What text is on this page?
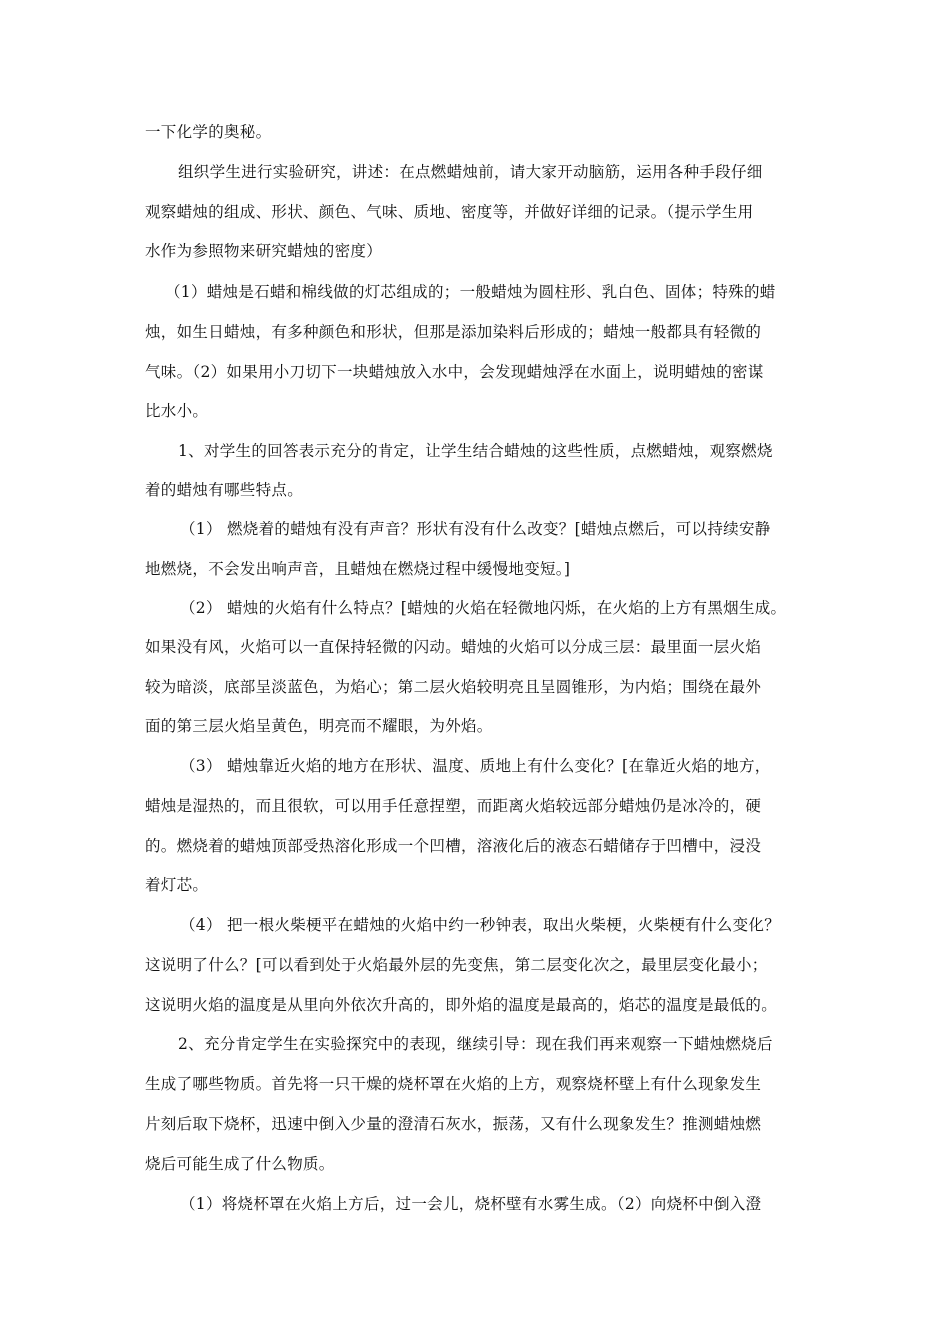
一下化学的奥秘。
组织学生进行实验研究，讲述：在点燃蜡烛前，请大家开动脑筋，运用各种手段仔细
观察蜡烛的组成、形状、颜色、气味、质地、密度等，并做好详细的记录。（提示学生用
水作为参照物来研究蜡烛的密度）
（1）蜡烛是石蜡和棉线做的灯芯组成的；一般蜡烛为圆柱形、乳白色、固体；特殊的蜡
烛，如生日蜡烛，有多种颜色和形状，但那是添加染料后形成的；蜡烛一般都具有轻微的
气味。（2）如果用小刀切下一块蜡烛放入水中，会发现蜡烛浮在水面上，说明蜡烛的密谋
比水小。
1、对学生的回答表示充分的肯定，让学生结合蜡烛的这些性质，点燃蜡烛，观察燃烧
着的蜡烛有哪些特点。
（1） 燃烧着的蜡烛有没有声音？形状有没有什么改变？[蜡烛点燃后，可以持续安静
地燃烧，不会发出响声音，且蜡烛在燃烧过程中缓慢地变短。]
（2） 蜡烛的火焰有什么特点？[蜡烛的火焰在轻微地闪烁，在火焰的上方有黑烟生成。
如果没有风，火焰可以一直保持轻微的闪动。蜡烛的火焰可以分成三层：最里面一层火焰
较为暗淡，底部呈淡蓝色，为焰心；第二层火焰较明亮且呈圆锥形，为内焰；围绕在最外
面的第三层火焰呈黄色，明亮而不耀眼，为外焰。
（3） 蜡烛靠近火焰的地方在形状、温度、质地上有什么变化？[在靠近火焰的地方，
蜡烛是湿热的，而且很软，可以用手任意捏塑，而距离火焰较远部分蜡烛仍是冰冷的，硬
的。燃烧着的蜡烛顶部受热溶化形成一个凹槽，溶液化后的液态石蜡储存于凹槽中，浸没
着灯芯。
（4） 把一根火柴梗平在蜡烛的火焰中约一秒钟表，取出火柴梗，火柴梗有什么变化？
这说明了什么？[可以看到处于火焰最外层的先变焦，第二层变化次之，最里层变化最小；
这说明火焰的温度是从里向外依次升高的，即外焰的温度是最高的，焰芯的温度是最低的。
2、充分肯定学生在实验探究中的表现，继续引导：现在我们再来观察一下蜡烛燃烧后
生成了哪些物质。首先将一只干燥的烧杯罩在火焰的上方，观察烧杯壁上有什么现象发生
片刻后取下烧杯，迅速中倒入少量的澄清石灰水，振荡，又有什么现象发生？推测蜡烛燃
烧后可能生成了什么物质。
（1）将烧杯罩在火焰上方后，过一会儿，烧杯壁有水雾生成。（2）向烧杯中倒入澄
